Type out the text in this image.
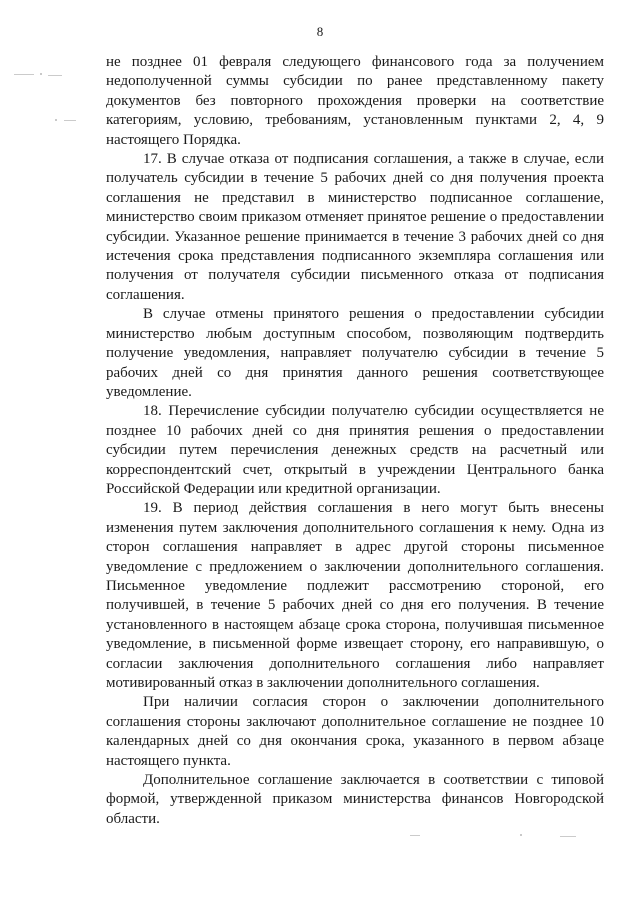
8

не позднее 01 февраля следующего финансового года за получением недополученной суммы субсидии по ранее представленному пакету документов без повторного прохождения проверки на соответствие категориям, условию, требованиям, установленным пунктами 2, 4, 9 настоящего Порядка.

17. В случае отказа от подписания соглашения, а также в случае, если получатель субсидии в течение 5 рабочих дней со дня получения проекта соглашения не представил в министерство подписанное соглашение, министерство своим приказом отменяет принятое решение о предоставлении субсидии. Указанное решение принимается в течение 3 рабочих дней со дня истечения срока представления подписанного экземпляра соглашения или получения от получателя субсидии письменного отказа от подписания соглашения.

В случае отмены принятого решения о предоставлении субсидии министерство любым доступным способом, позволяющим подтвердить получение уведомления, направляет получателю субсидии в течение 5 рабочих дней со дня принятия данного решения соответствующее уведомление.

18. Перечисление субсидии получателю субсидии осуществляется не позднее 10 рабочих дней со дня принятия решения о предоставлении субсидии путем перечисления денежных средств на расчетный или корреспондентский счет, открытый в учреждении Центрального банка Российской Федерации или кредитной организации.

19. В период действия соглашения в него могут быть внесены изменения путем заключения дополнительного соглашения к нему. Одна из сторон соглашения направляет в адрес другой стороны письменное уведомление с предложением о заключении дополнительного соглашения. Письменное уведомление подлежит рассмотрению стороной, его получившей, в течение 5 рабочих дней со дня его получения. В течение установленного в настоящем абзаце срока сторона, получившая письменное уведомление, в письменной форме извещает сторону, его направившую, о согласии заключения дополнительного соглашения либо направляет мотивированный отказ в заключении дополнительного соглашения.

При наличии согласия сторон о заключении дополнительного соглашения стороны заключают дополнительное соглашение не позднее 10 календарных дней со дня окончания срока, указанного в первом абзаце настоящего пункта.

Дополнительное соглашение заключается в соответствии с типовой формой, утвержденной приказом министерства финансов Новгородской области.
